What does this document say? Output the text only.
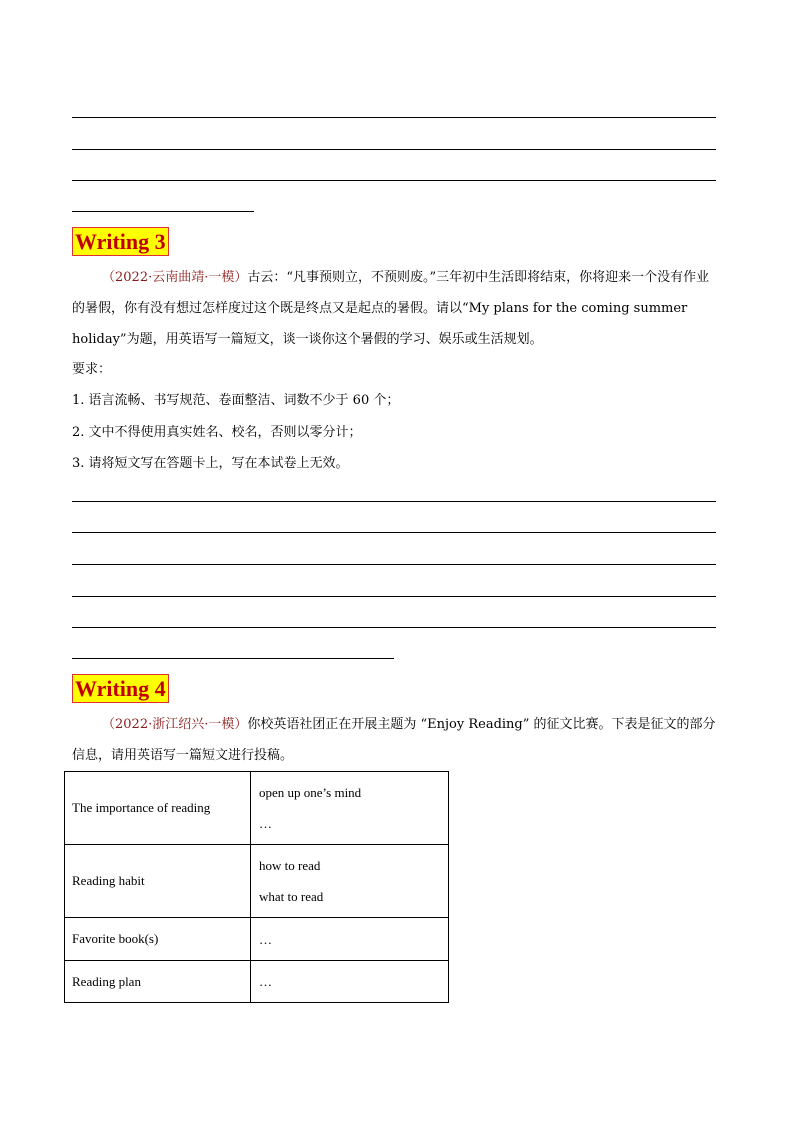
Writing 3

（2022·云南曲靖·一模）古云：“凡事预则立，不预则废。”三年初中生活即将结束，你将迎来一个没有作业的暑假，你有没有想过怎样度过这个既是终点又是起点的暑假。请以“My plans for the coming summer holiday”为题，用英语写一篇短文，谈一谈你这个暑假的学习、娱乐或生活规划。

要求：
1. 语言流畅、书写规范、卷面整洁、词数不少于 60 个；
2. 文中不得使用真实姓名、校名，否则以零分计；
3. 请将短文写在答题卡上，写在本试卷上无效。
Writing 4

（2022·浙江绍兴·一模）你校英语社团正在开展主题为 “Enjoy Reading” 的征文比赛。下表是征文的部分信息，请用英语写一篇短文进行投稿。

The importance of reading	open up one’s mind
…

Reading habit	how to read
what to read

Favorite book(s)	…

Reading plan	…
